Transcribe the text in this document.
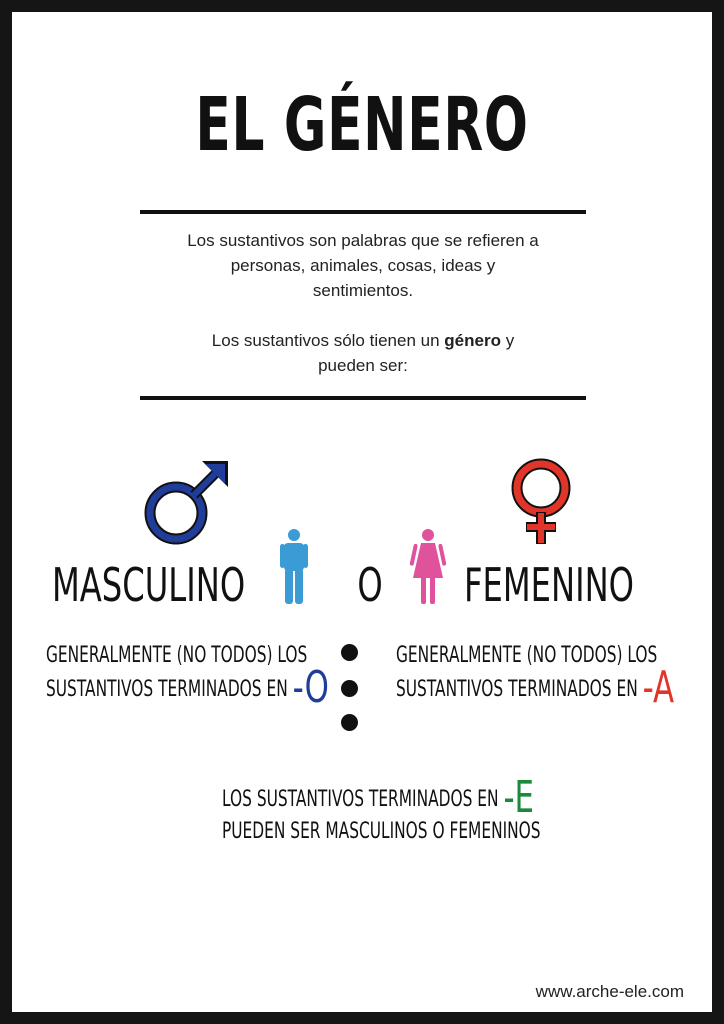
EL GÉNERO

Los sustantivos son palabras que se refieren a
personas, animales, cosas, ideas y
sentimientos.

Los sustantivos sólo tienen un género y
pueden ser:

MASCULINO O FEMENINO
GENERALMENTE (NO TODOS) LOS
SUSTANTIVOS TERMINADOS EN -O
GENERALMENTE (NO TODOS) LOS
SUSTANTIVOS TERMINADOS EN -A
LOS SUSTANTIVOS TERMINADOS EN -E
PUEDEN SER MASCULINOS O FEMENINOS
www.arche-ele.com
